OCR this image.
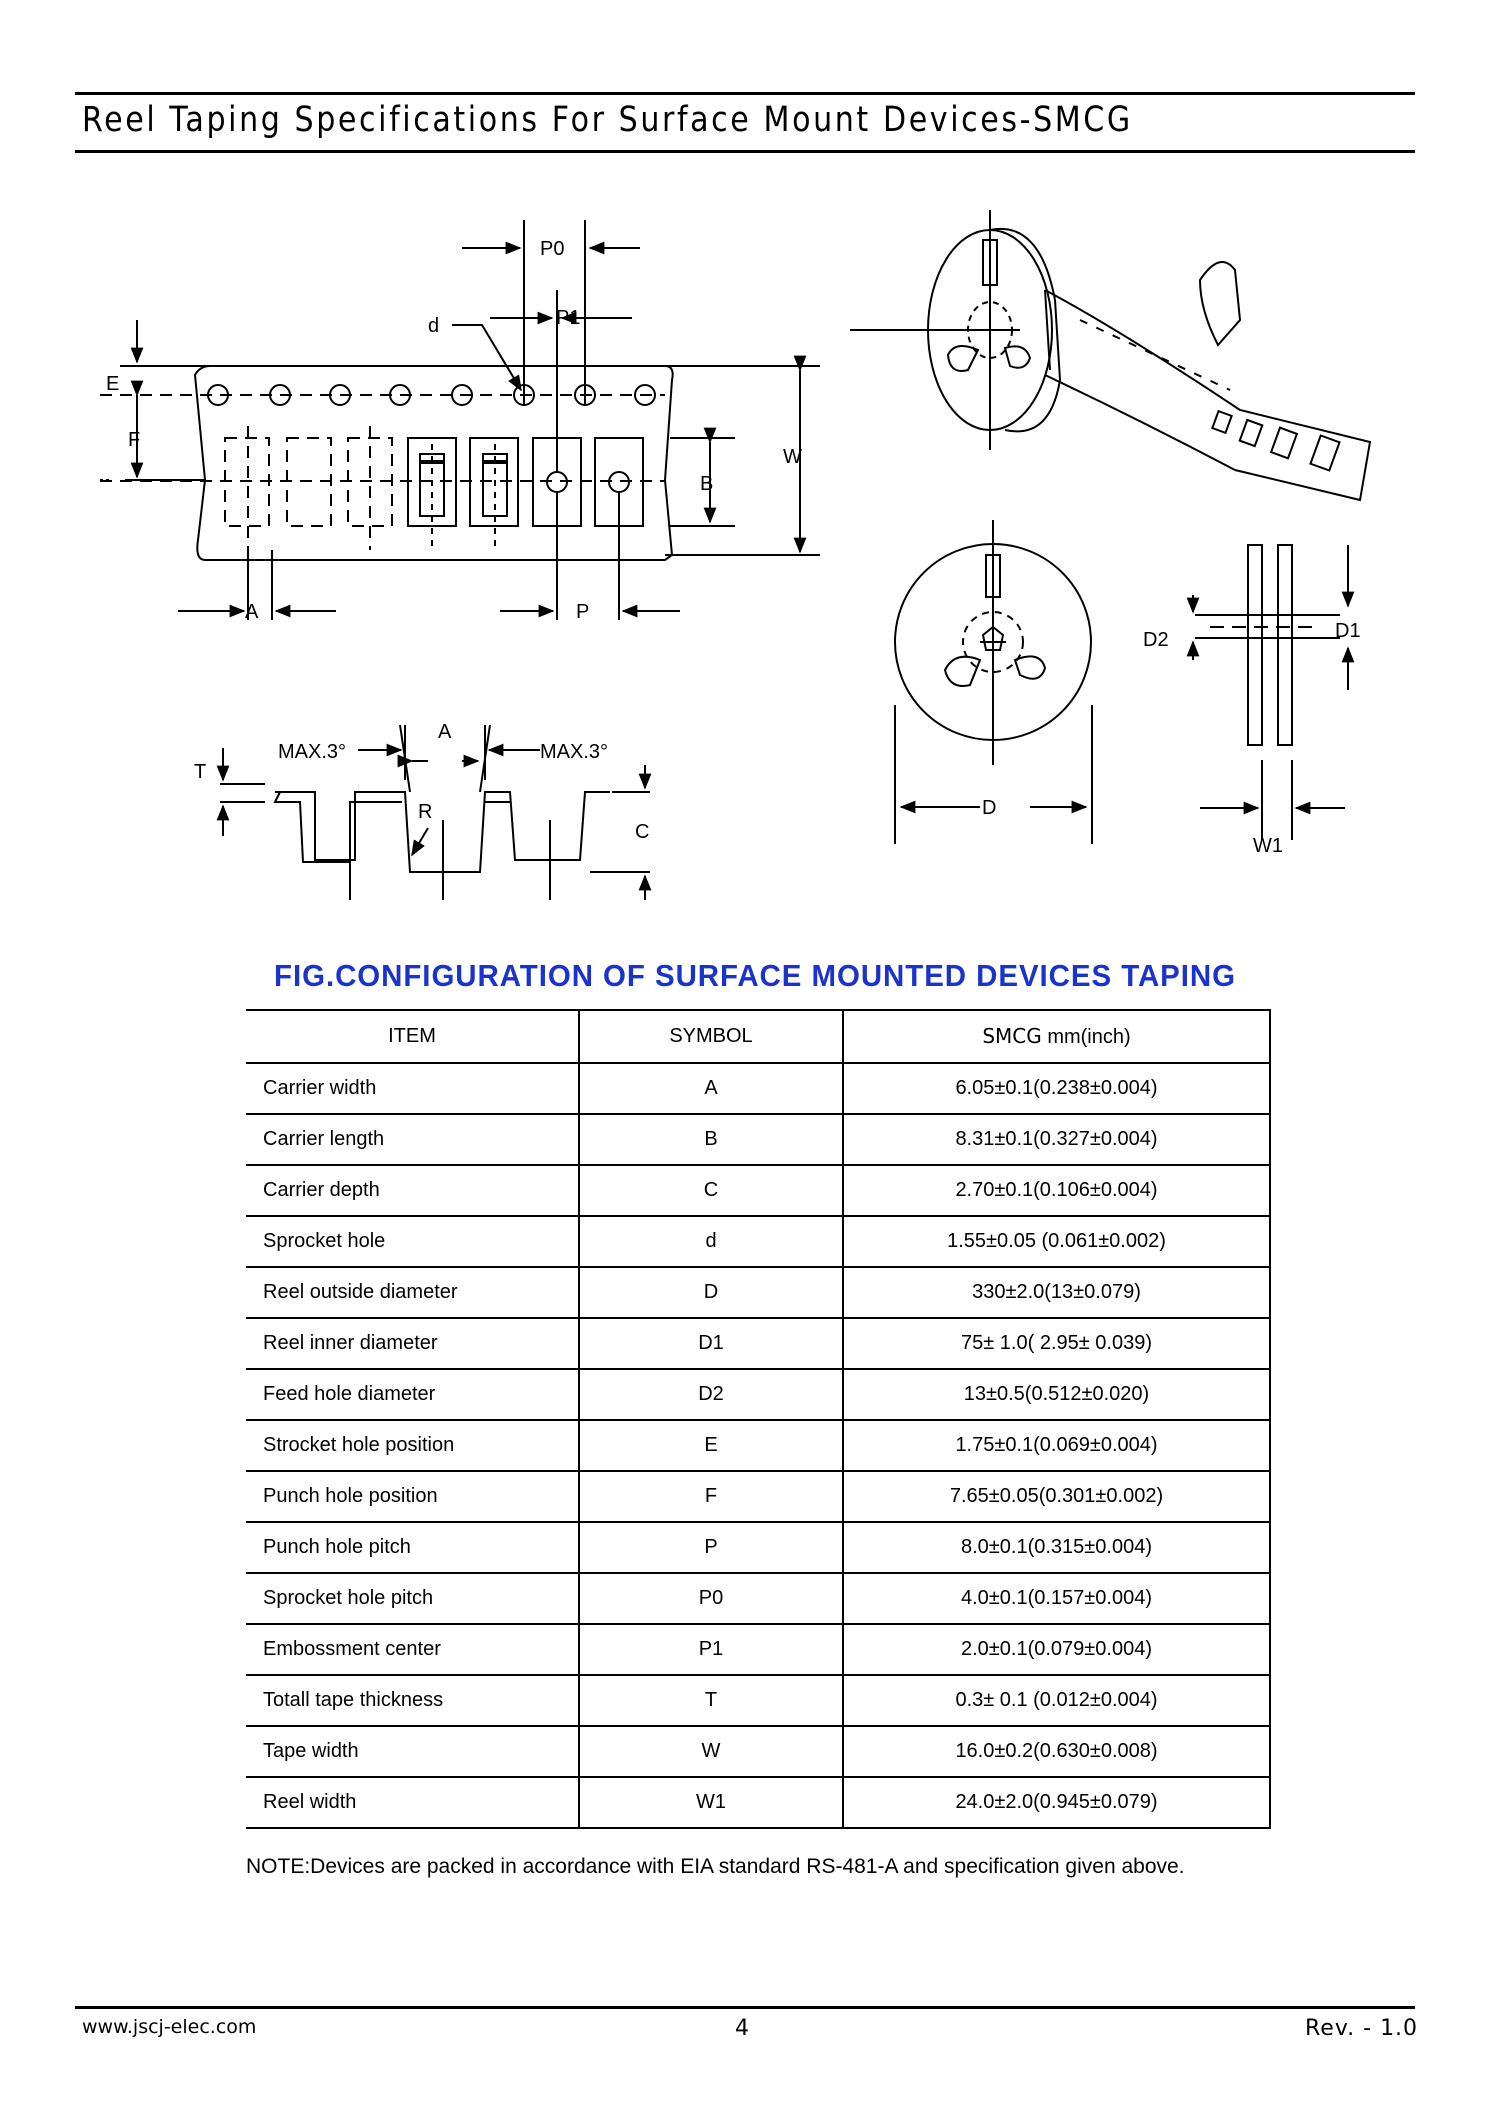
Reel Taping Specifications For Surface Mount Devices-SMCG
P0
P1
d
E
F
W
B
A	P
MAX.3°	MAX.3°
A
T
R
C
D2	D1
D
W1
FIG.CONFIGURATION OF SURFACE MOUNTED DEVICES TAPING
ITEM	SYMBOL	SMCG mm(inch)
Carrier width	A	6.05±0.1(0.238±0.004)
Carrier length	B	8.31±0.1(0.327±0.004)
Carrier depth	C	2.70±0.1(0.106±0.004)
Sprocket hole	d	1.55±0.05 (0.061±0.002)
Reel outside diameter	D	330±2.0(13±0.079)
Reel inner diameter	D1	75± 1.0( 2.95± 0.039)
Feed hole diameter	D2	13±0.5(0.512±0.020)
Strocket hole position	E	1.75±0.1(0.069±0.004)
Punch hole position	F	7.65±0.05(0.301±0.002)
Punch hole pitch	P	8.0±0.1(0.315±0.004)
Sprocket hole pitch	P0	4.0±0.1(0.157±0.004)
Embossment center	P1	2.0±0.1(0.079±0.004)
Totall tape thickness	T	0.3± 0.1 (0.012±0.004)
Tape width	W	16.0±0.2(0.630±0.008)
Reel width	W1	24.0±2.0(0.945±0.079)
NOTE:Devices are packed in accordance with EIA standard RS-481-A and specification given above.
www.jscj-elec.com	4	Rev. - 1.0
